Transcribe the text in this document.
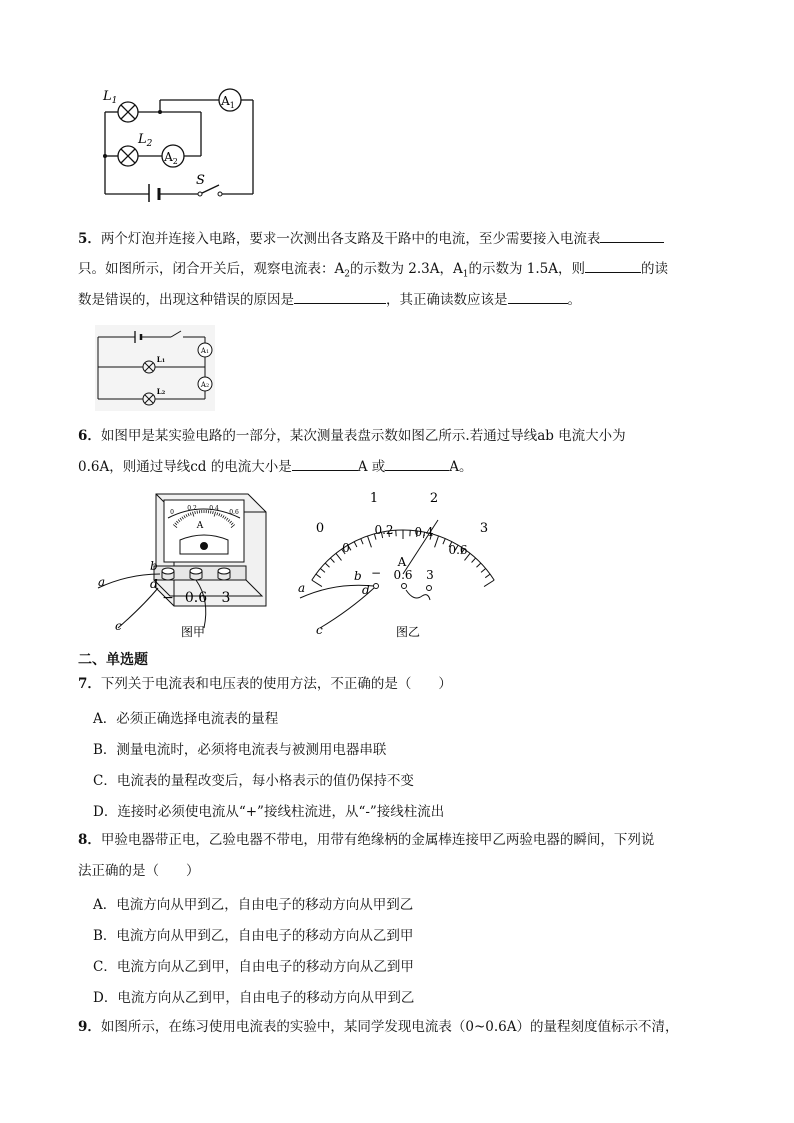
$L_1$
$L_2$
S
$A_1$
$A_2$
5．两个灯泡并连接入电路，要求一次测出各支路及干路中的电流，至少需要接入电流表
只。如图所示，闭合开关后，观察电流表：$A_2$的示数为 2.3A，$A_1$的示数为 1.5A，则	的读
数是错误的，出现这种错误的原因是	，其正确读数应该是	。
A1
A2
L1
L2
6．如图甲是某实验电路的一部分，某次测量表盘示数如图乙所示.若通过导线ab 电流大小为
0.6A，则通过导线cd 的电流大小是	A 或	A。
0
0.2 0.4
0.6
A
− 0.6 3
a
b
c
d
图甲
0
1	2
3
0
0.2 0.4
0.6
A
0.6 3
−
a
b
c
d
图乙
二、单选题
7．下列关于电流表和电压表的使用方法，不正确的是（　　）
A．必须正确选择电流表的量程
B．测量电流时，必须将电流表与被测用电器串联
C．电流表的量程改变后，每小格表示的值仍保持不变
D．连接时必须使电流从“+”接线柱流进，从“-”接线柱流出
8．甲验电器带正电，乙验电器不带电，用带有绝缘柄的金属棒连接甲乙两验电器的瞬间，下列说
法正确的是（　　）
A．电流方向从甲到乙，自由电子的移动方向从甲到乙
B．电流方向从甲到乙，自由电子的移动方向从乙到甲
C．电流方向从乙到甲，自由电子的移动方向从乙到甲
D．电流方向从乙到甲，自由电子的移动方向从甲到乙
9．如图所示，在练习使用电流表的实验中，某同学发现电流表（0~0.6A）的量程刻度值标示不清，
